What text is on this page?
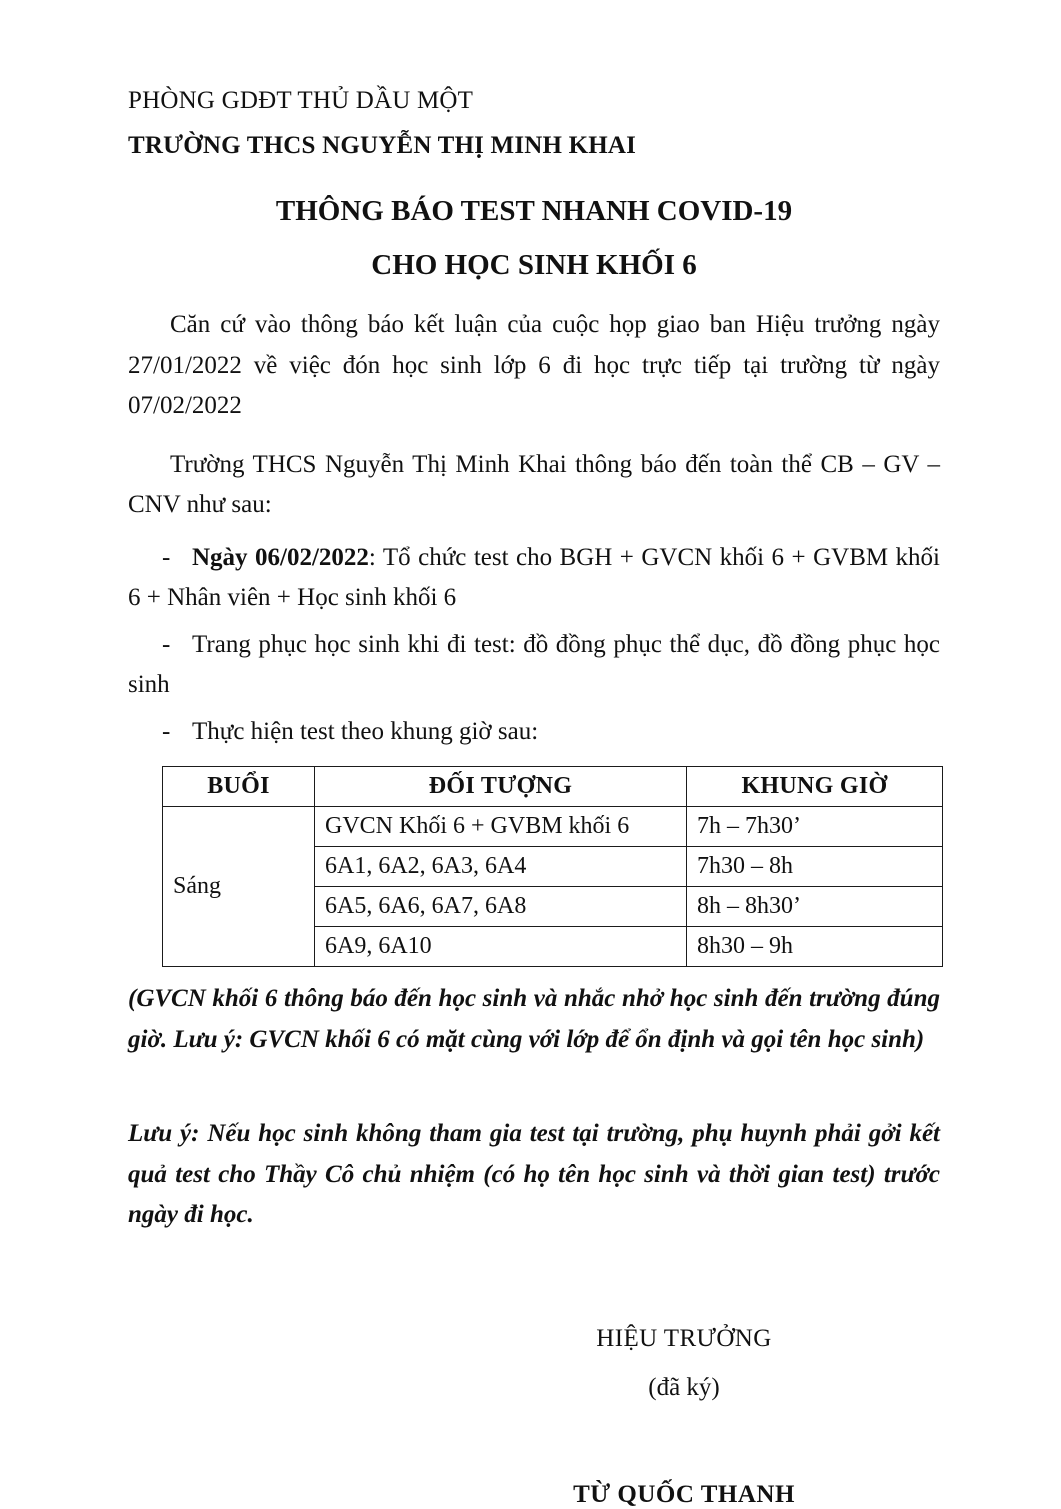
PHÒNG GDĐT THỦ DẦU MỘT
TRƯỜNG THCS NGUYỄN THỊ MINH KHAI
THÔNG BÁO TEST NHANH COVID-19
CHO HỌC SINH KHỐI 6

Căn cứ vào thông báo kết luận của cuộc họp giao ban Hiệu trưởng ngày 27/01/2022 về việc đón học sinh lớp 6 đi học trực tiếp tại trường từ ngày 07/02/2022

Trường THCS Nguyễn Thị Minh Khai thông báo đến toàn thể CB – GV – CNV như sau:

- Ngày 06/02/2022: Tổ chức test cho BGH + GVCN khối 6 + GVBM khối 6 + Nhân viên + Học sinh khối 6
- Trang phục học sinh khi đi test: đồ đồng phục thể dục, đồ đồng phục học sinh
- Thực hiện test theo khung giờ sau:
BUỔI	ĐỐI TƯỢNG	KHUNG GIỜ
Sáng	GVCN Khối 6 + GVBM khối 6	7h – 7h30’
	6A1, 6A2, 6A3, 6A4	7h30 – 8h
	6A5, 6A6, 6A7, 6A8	8h – 8h30’
	6A9, 6A10	8h30 – 9h

(GVCN khối 6 thông báo đến học sinh và nhắc nhở học sinh đến trường đúng giờ. Lưu ý: GVCN khối 6 có mặt cùng với lớp để ổn định và gọi tên học sinh)

Lưu ý: Nếu học sinh không tham gia test tại trường, phụ huynh phải gởi kết quả test cho Thầy Cô chủ nhiệm (có họ tên học sinh và thời gian test) trước ngày đi học.

HIỆU TRƯỞNG
(đã ký)
TỪ QUỐC THANH
